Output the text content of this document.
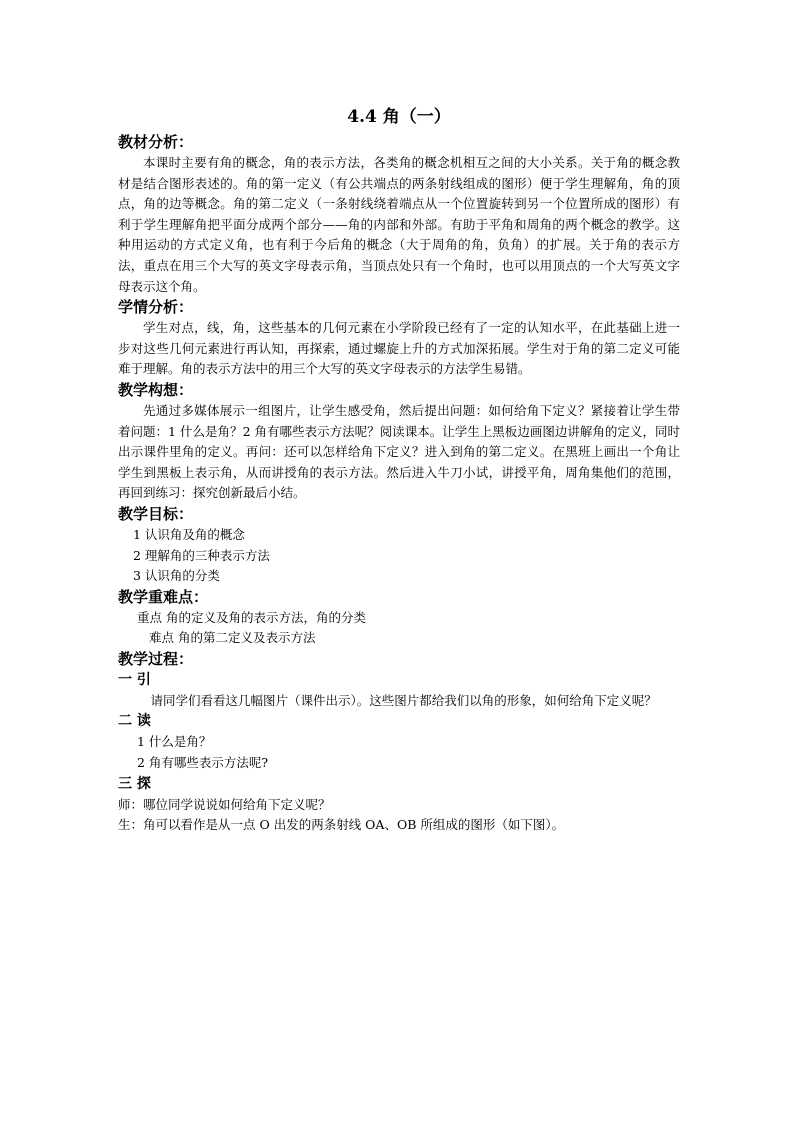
4.4 角（一）
教材分析：

本课时主要有角的概念，角的表示方法，各类角的概念机相互之间的大小关系。关于角的概念教材是结合图形表述的。角的第一定义（有公共端点的两条射线组成的图形）便于学生理解角，角的顶点，角的边等概念。角的第二定义（一条射线绕着端点从一个位置旋转到另一个位置所成的图形）有利于学生理解角把平面分成两个部分——角的内部和外部。有助于平角和周角的两个概念的教学。这种用运动的方式定义角，也有利于今后角的概念（大于周角的角，负角）的扩展。关于角的表示方法，重点在用三个大写的英文字母表示角，当顶点处只有一个角时，也可以用顶点的一个大写英文字母表示这个角。

学情分析：

学生对点，线，角，这些基本的几何元素在小学阶段已经有了一定的认知水平，在此基础上进一步对这些几何元素进行再认知，再探索，通过螺旋上升的方式加深拓展。学生对于角的第二定义可能难于理解。角的表示方法中的用三个大写的英文字母表示的方法学生易错。

教学构想：

先通过多媒体展示一组图片，让学生感受角，然后提出问题：如何给角下定义？紧接着让学生带着问题：1 什么是角？2 角有哪些表示方法呢？阅读课本。让学生上黑板边画图边讲解角的定义，同时出示课件里角的定义。再问：还可以怎样给角下定义？进入到角的第二定义。在黑班上画出一个角让学生到黑板上表示角，从而讲授角的表示方法。然后进入牛刀小试，讲授平角，周角集他们的范围，再回到练习：探究创新最后小结。

教学目标：

1 认识角及角的概念

2 理解角的三种表示方法

3 认识角的分类

教学重难点：

重点 角的定义及角的表示方法，角的分类

难点 角的第二定义及表示方法

教学过程：
一 引

请同学们看看这几幅图片（课件出示）。这些图片都给我们以角的形象，如何给角下定义呢？

二 读

1 什么是角？

2 角有哪些表示方法呢?

三 探

师：哪位同学说说如何给角下定义呢？

生：角可以看作是从一点 O 出发的两条射线 OA、OB 所组成的图形（如下图）。
